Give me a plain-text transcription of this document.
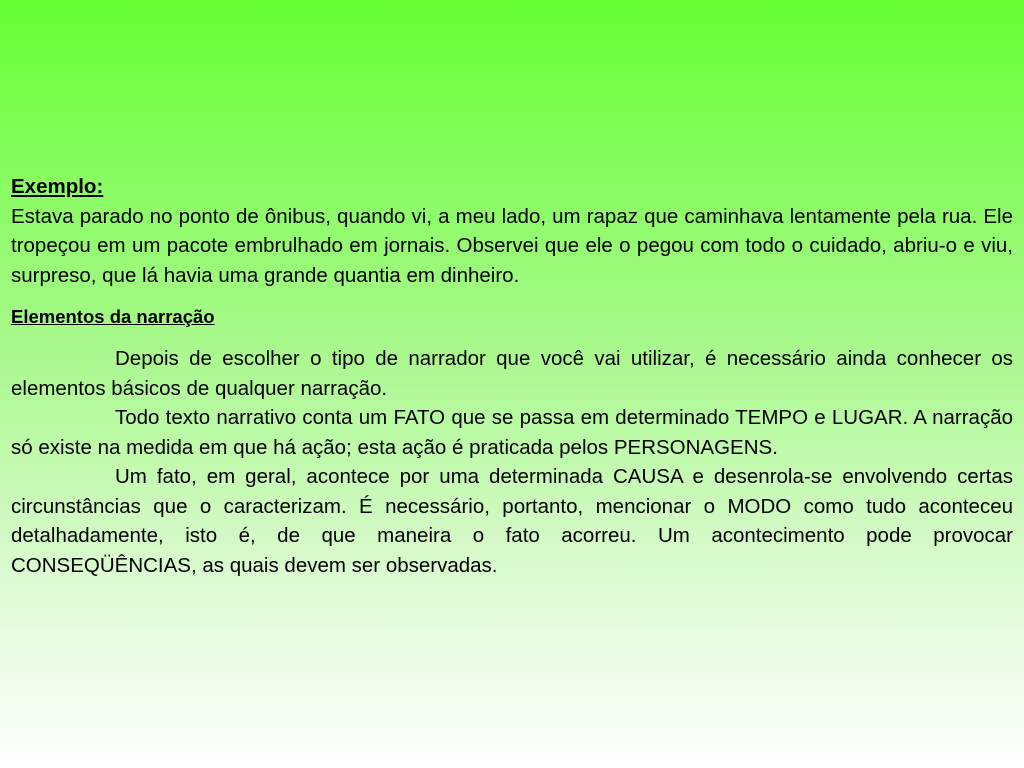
Exemplo:

Estava parado no ponto de ônibus, quando vi, a meu lado, um rapaz que caminhava lentamente pela rua. Ele tropeçou em um pacote embrulhado em jornais. Observei que ele o pegou com todo o cuidado, abriu-o e viu, surpreso, que lá havia uma grande quantia em dinheiro.

Elementos da narração

Depois de escolher o tipo de narrador que você vai utilizar, é necessário ainda conhecer os elementos básicos de qualquer narração.

Todo texto narrativo conta um FATO que se passa em determinado TEMPO e LUGAR. A narração só existe na medida em que há ação; esta ação é praticada pelos PERSONAGENS.

Um fato, em geral, acontece por uma determinada CAUSA e desenrola-se envolvendo certas circunstâncias que o caracterizam. É necessário, portanto, mencionar o MODO como tudo aconteceu detalhadamente, isto é, de que maneira o fato acorreu. Um acontecimento pode provocar CONSEQÜÊNCIAS, as quais devem ser observadas.
